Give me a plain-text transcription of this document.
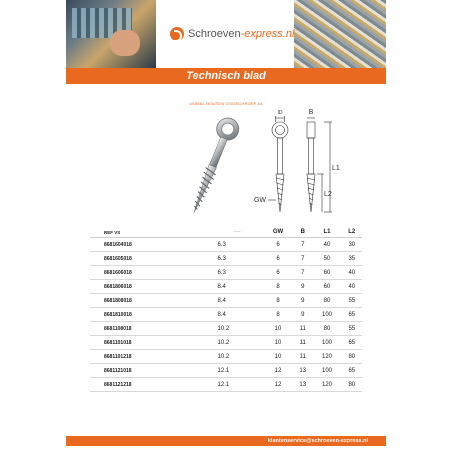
Schroeven-express.nl
Technisch blad
VS8681-HOUTEN OOGSCHROEF A4
ID	B
GW
L1
L2
REF VS	----	GW	B	L1	L2
8681604018	6.3	6	7	40	30
8681605018	6.3	6	7	50	35
8681606018	6.3	6	7	60	40
8681806018	8.4	8	9	60	40
8681808018	8.4	8	9	80	55
8681810018	8.4	8	9	100	65
8681108018	10.2	10	11	80	55
8681101018	10.2	10	11	100	65
8681101218	10.2	10	11	120	80
8681121018	12.1	12	13	100	65
8681121218	12.1	12	13	120	80
klantenservice@schroeven-express.nl
